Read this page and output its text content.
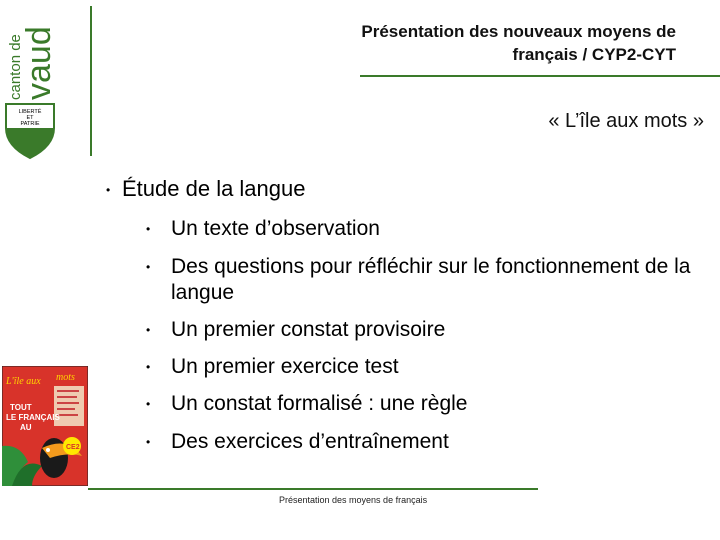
canton de
vaud
LIBERTÉ
ET
PATRIE
Présentation des nouveaux moyens de
français / CYP2-CYT
« L’île aux mots »
• Étude de la langue
• Un texte d’observation
• Des questions pour réfléchir sur le fonctionnement de la langue
• Un premier constat provisoire
• Un premier exercice test
• Un constat formalisé : une règle
• Des exercices d’entraînement
L'île aux mots
TOUT
LE FRANÇAIS
AU
CE2
Présentation des moyens de français
